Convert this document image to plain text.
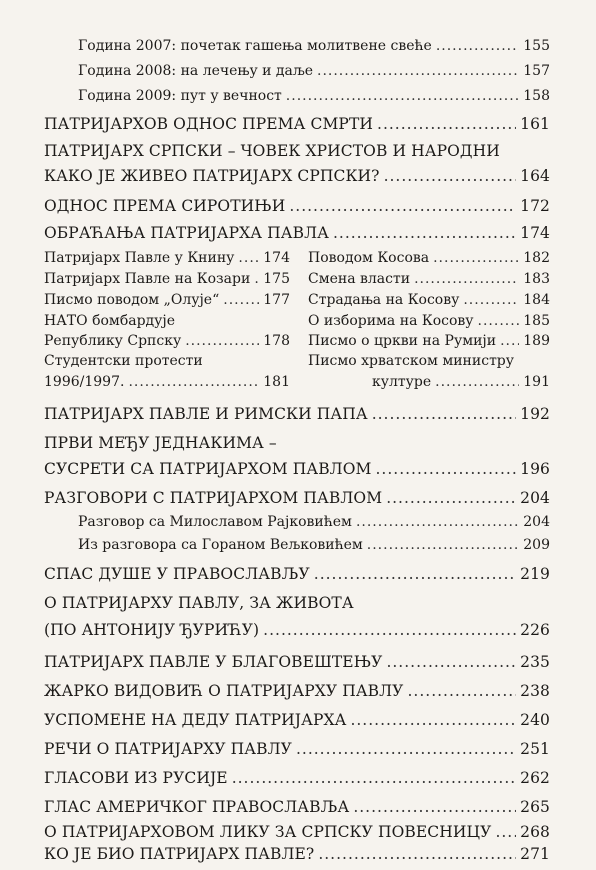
Година 2007: почетак гашења молитвене свеће .....	155
Година 2008: на лечењу и даље .....	157
Година 2009: пут у вечност .....	158
ПАТРИЈАРХОВ ОДНОС ПРЕМА СМРТИ .....	161
ПАТРИЈАРХ СРПСКИ – ЧОВЕК ХРИСТОВ И НАРОДНИ
КАКО ЈЕ ЖИВЕО ПАТРИЈАРХ СРПСКИ? .....	164
ОДНОС ПРЕМА СИРОТИЊИ .....	172
ОБРАЋАЊА ПАТРИЈАРХА ПАВЛА .....	174
Патријарх Павле у Книну ..... 174
Патријарх Павле на Козари ..... 175
Писмо поводом „Олује“ .....	177
НАТО бомбардује
Републику Српску .....	178
Студентски протести
1996/1997. .....	181
Поводом Косова .....	182
Смена власти .....	183
Страдања на Косову .....	184
О изборима на Косову .....	185
Писмо о цркви на Румији ..... 189
Писмо хрватском министру
културе .....	191
ПАТРИЈАРХ ПАВЛЕ И РИМСКИ ПАПА .....	192
ПРВИ МЕЂУ ЈЕДНАКИМА –
СУСРЕТИ СА ПАТРИЈАРХОМ ПАВЛОМ .....	196
РАЗГОВОРИ С ПАТРИЈАРХОМ ПАВЛОМ .....	204
Разговор са Милославом Рајковићем .....	204
Из разговора са Гораном Вељковићем .....	209
СПАС ДУШЕ У ПРАВОСЛАВЉУ .....	219
О ПАТРИЈАРХУ ПАВЛУ, ЗА ЖИВОТА
(ПО АНТОНИЈУ ЂУРИЋУ) .....	226
ПАТРИЈАРХ ПАВЛЕ У БЛАГОВЕШТЕЊУ .....	235
ЖАРКО ВИДОВИЋ О ПАТРИЈАРХУ ПАВЛУ .....	238
УСПОМЕНЕ НА ДЕДУ ПАТРИЈАРХА .....	240
РЕЧИ О ПАТРИЈАРХУ ПАВЛУ .....	251
ГЛАСОВИ ИЗ РУСИЈЕ .....	262
ГЛАС АМЕРИЧКОГ ПРАВОСЛАВЉА .....	265
О ПАТРИЈАРХОВОМ ЛИКУ ЗА СРПСКУ ПОВЕСНИЦУ ..... 268
КО ЈЕ БИО ПАТРИЈАРХ ПАВЛЕ? .....	271
